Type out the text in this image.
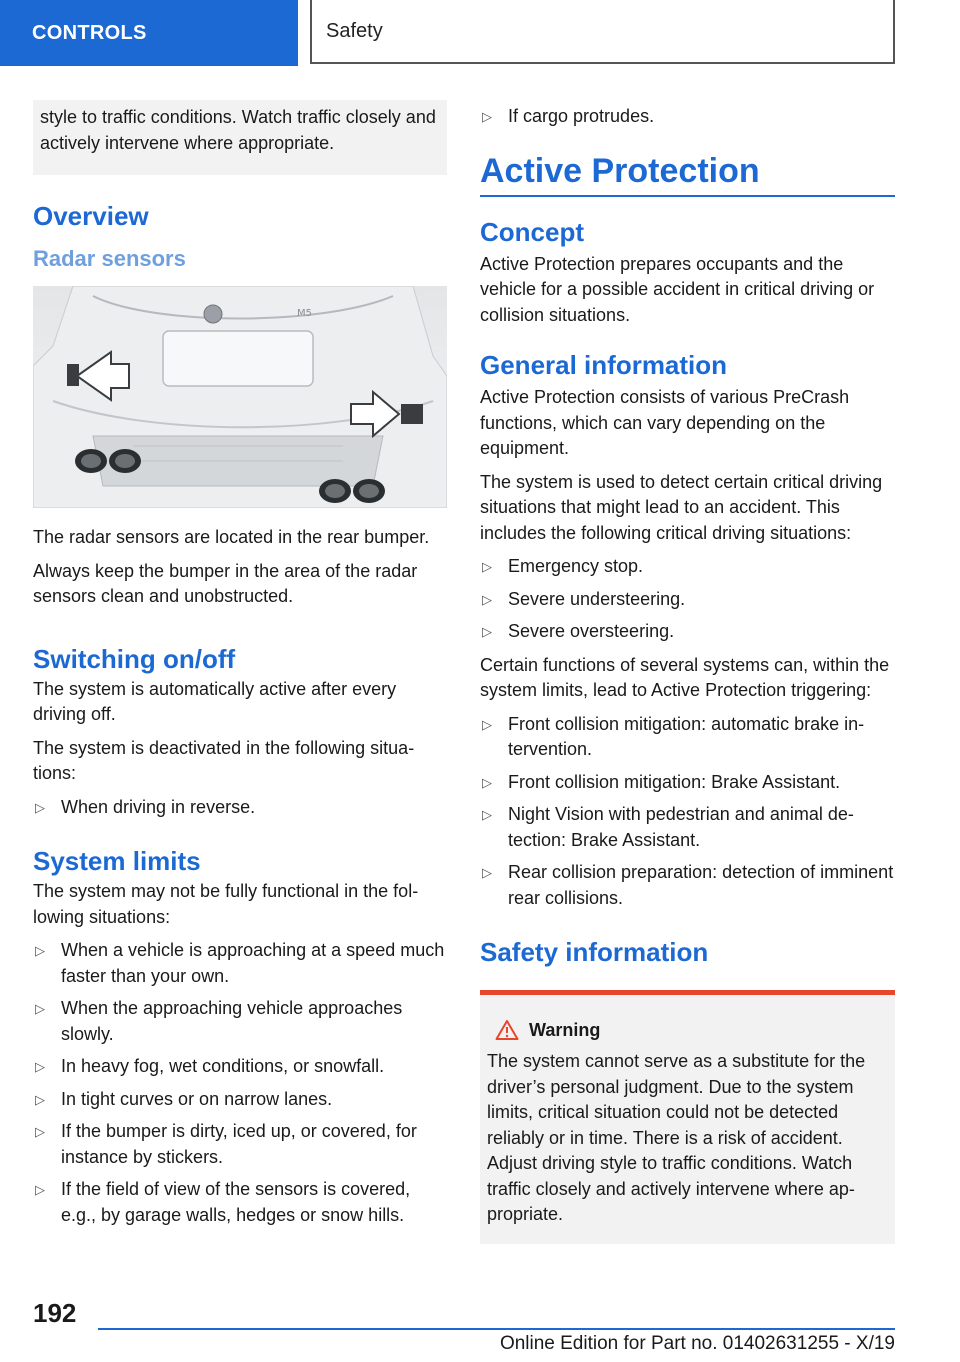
CONTROLS	Safety
style to traffic conditions. Watch traffic closely and actively intervene where appropriate.
Overview
Radar sensors
M5

The radar sensors are located in the rear bumper.

Always keep the bumper in the area of the radar sensors clean and unobstructed.

Switching on/off

The system is automatically active after every driving off.

The system is deactivated in the following situations:

▷ When driving in reverse.
System limits

The system may not be fully functional in the following situations:

▷ When a vehicle is approaching at a speed much faster than your own.
▷ When the approaching vehicle approaches slowly.
▷ In heavy fog, wet conditions, or snowfall.
▷ In tight curves or on narrow lanes.
▷ If the bumper is dirty, iced up, or covered, for instance by stickers.
▷ If the field of view of the sensors is covered, e.g., by garage walls, hedges or snow hills.
▷ If cargo protrudes.
Active Protection
Concept

Active Protection prepares occupants and the vehicle for a possible accident in critical driving or collision situations.

General information

Active Protection consists of various PreCrash functions, which can vary depending on the equipment.

The system is used to detect certain critical driving situations that might lead to an accident. This includes the following critical driving situations:

▷ Emergency stop.
▷ Severe understeering.
▷ Severe oversteering.

Certain functions of several systems can, within the system limits, lead to Active Protection triggering:

▷ Front collision mitigation: automatic brake intervention.
▷ Front collision mitigation: Brake Assistant.
▷ Night Vision with pedestrian and animal detection: Brake Assistant.
▷ Rear collision preparation: detection of imminent rear collisions.
Safety information
Warning

The system cannot serve as a substitute for the driver’s personal judgment. Due to the system limits, critical situation could not be detected reliably or in time. There is a risk of accident. Adjust driving style to traffic conditions. Watch traffic closely and actively intervene where appropriate.

192
Online Edition for Part no. 01402631255 - X/19
